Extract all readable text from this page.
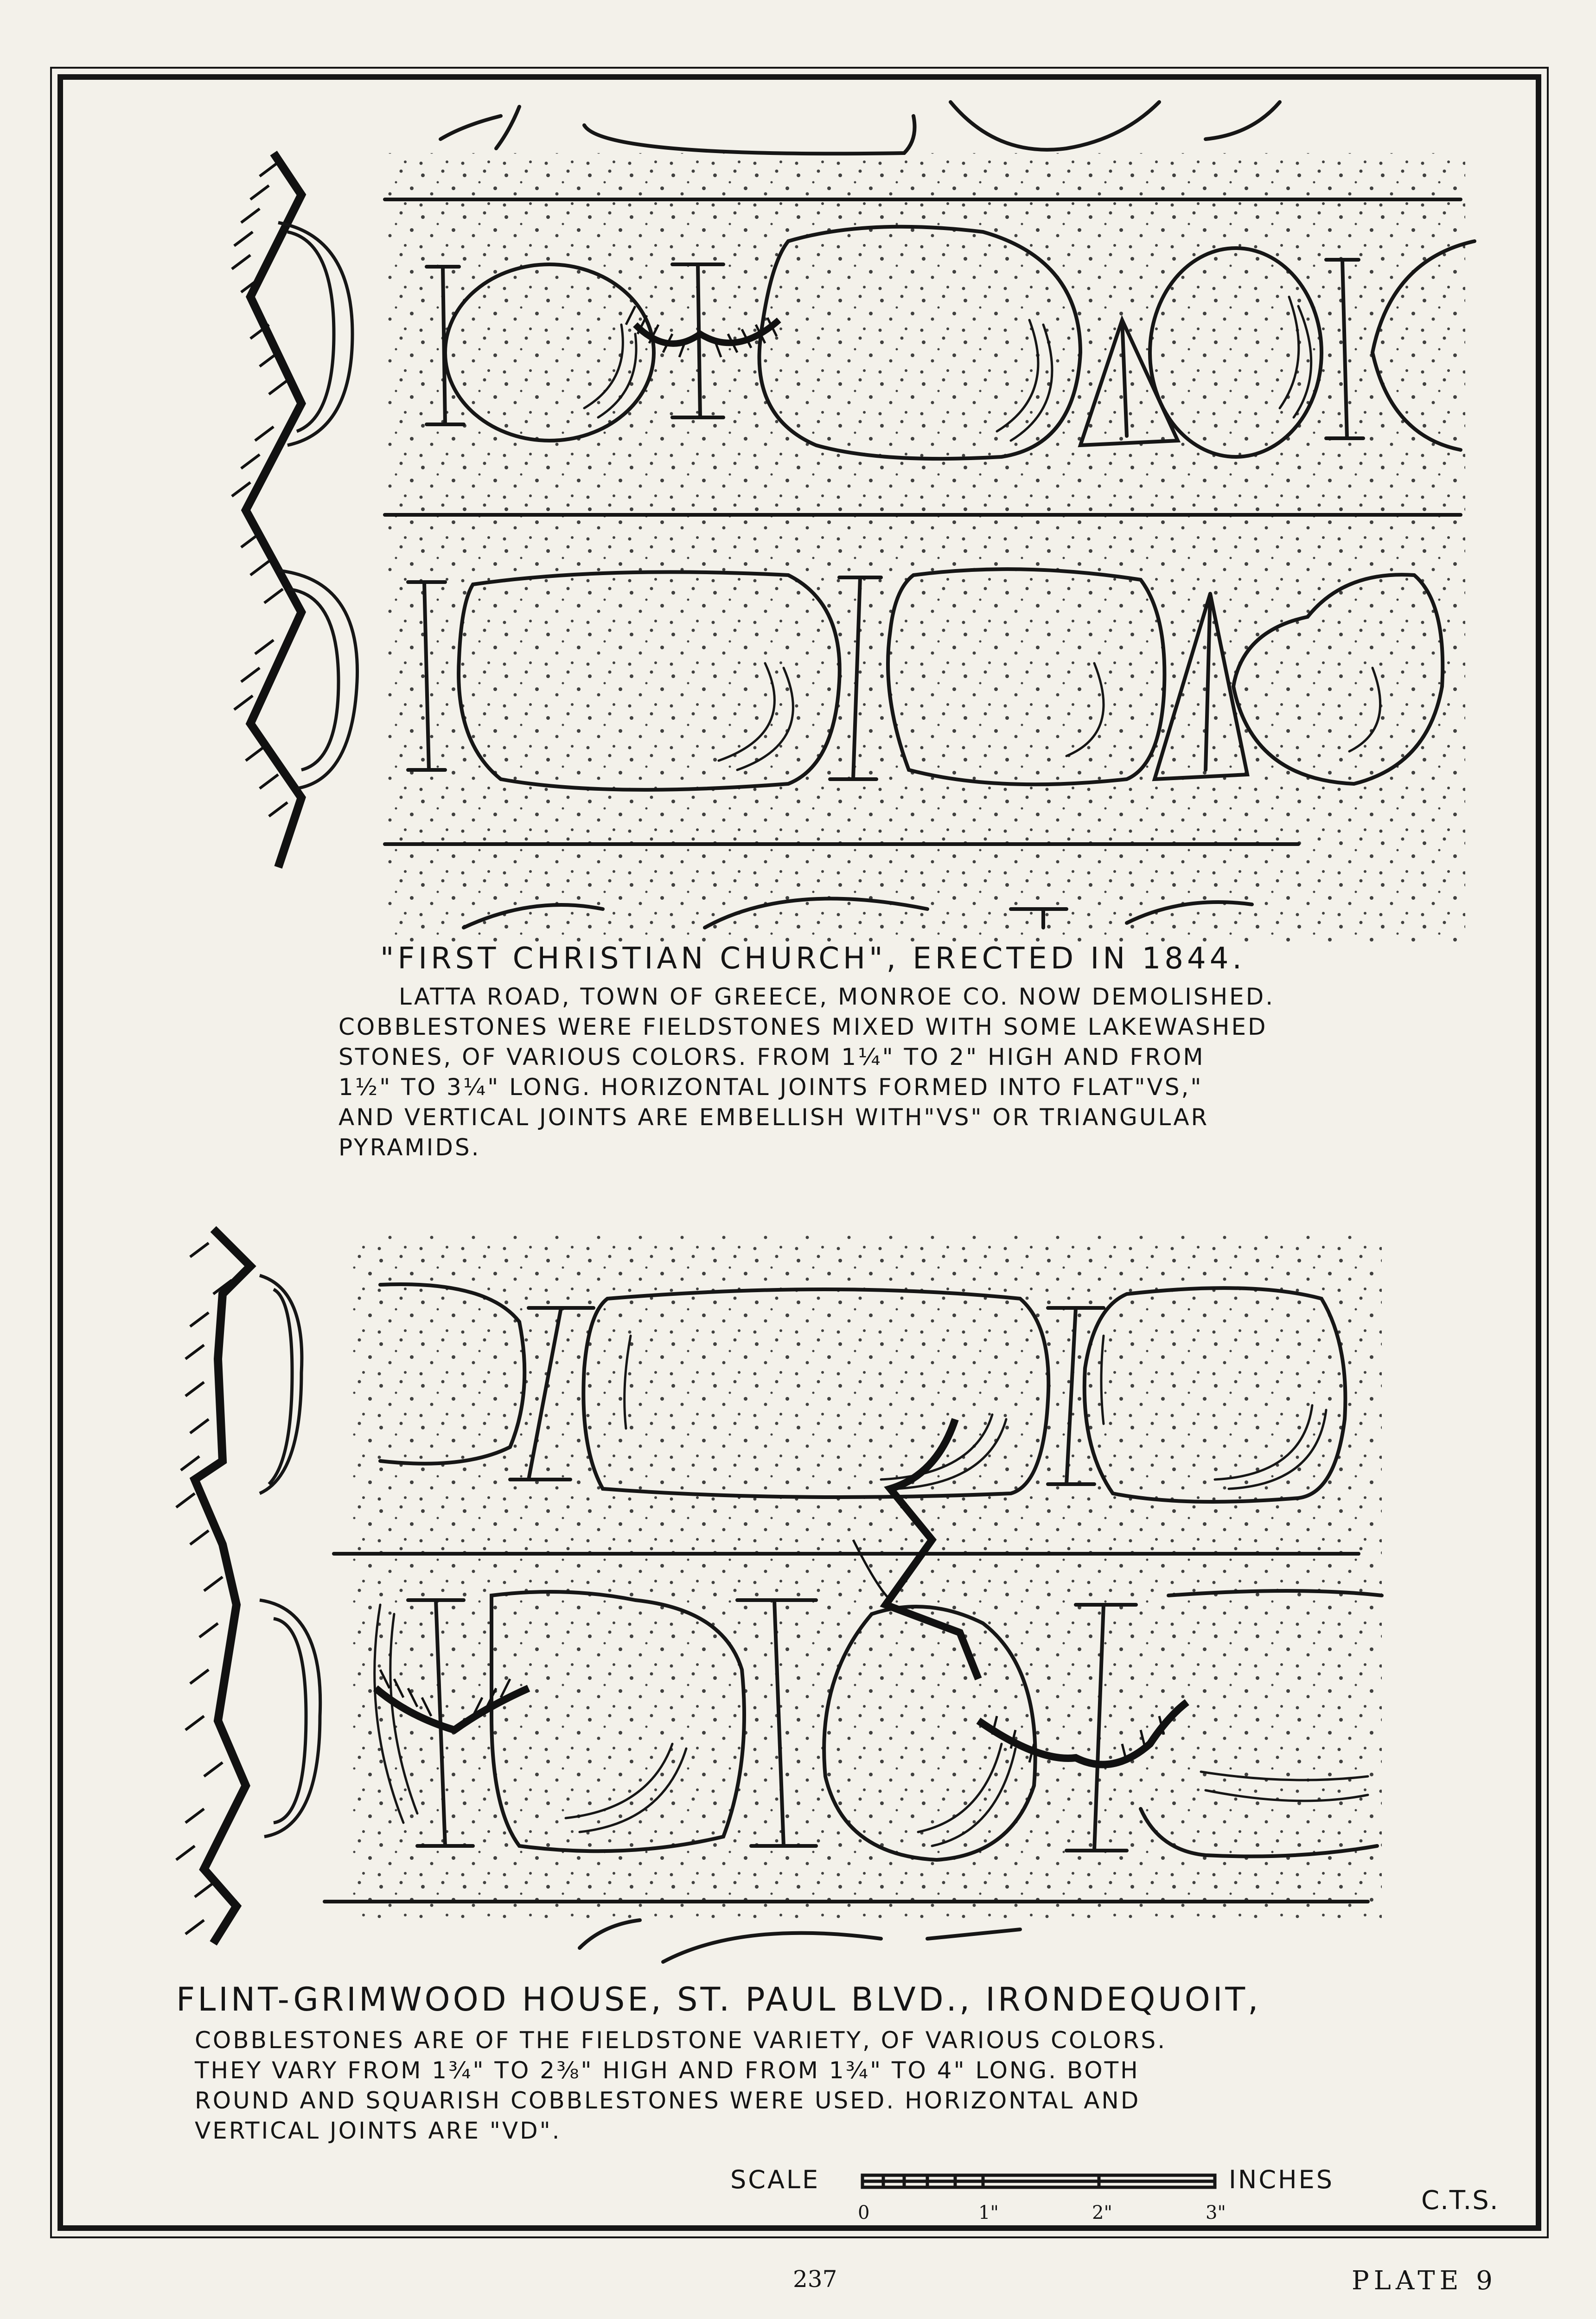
"FIRST CHRISTIAN CHURCH", ERECTED IN 1844.
LATTA ROAD, TOWN OF GREECE, MONROE CO. NOW DEMOLISHED.
COBBLESTONES WERE FIELDSTONES MIXED WITH SOME LAKEWASHED
STONES, OF VARIOUS COLORS. FROM 1¼" TO 2" HIGH AND FROM
1½" TO 3¼" LONG. HORIZONTAL JOINTS FORMED INTO FLAT"VS,"
AND VERTICAL JOINTS ARE EMBELLISH WITH"VS" OR TRIANGULAR
PYRAMIDS.
FLINT-GRIMWOOD HOUSE, ST. PAUL BLVD., IRONDEQUOIT,
COBBLESTONES ARE OF THE FIELDSTONE VARIETY, OF VARIOUS COLORS.
THEY VARY FROM 1¾" TO 2⅜" HIGH AND FROM 1¾" TO 4" LONG. BOTH
ROUND AND SQUARISH COBBLESTONES WERE USED. HORIZONTAL AND
VERTICAL JOINTS ARE "VD".
SCALE	INCHES
0	1"	2"	3"	C.T.S.
237	PLATE 9
